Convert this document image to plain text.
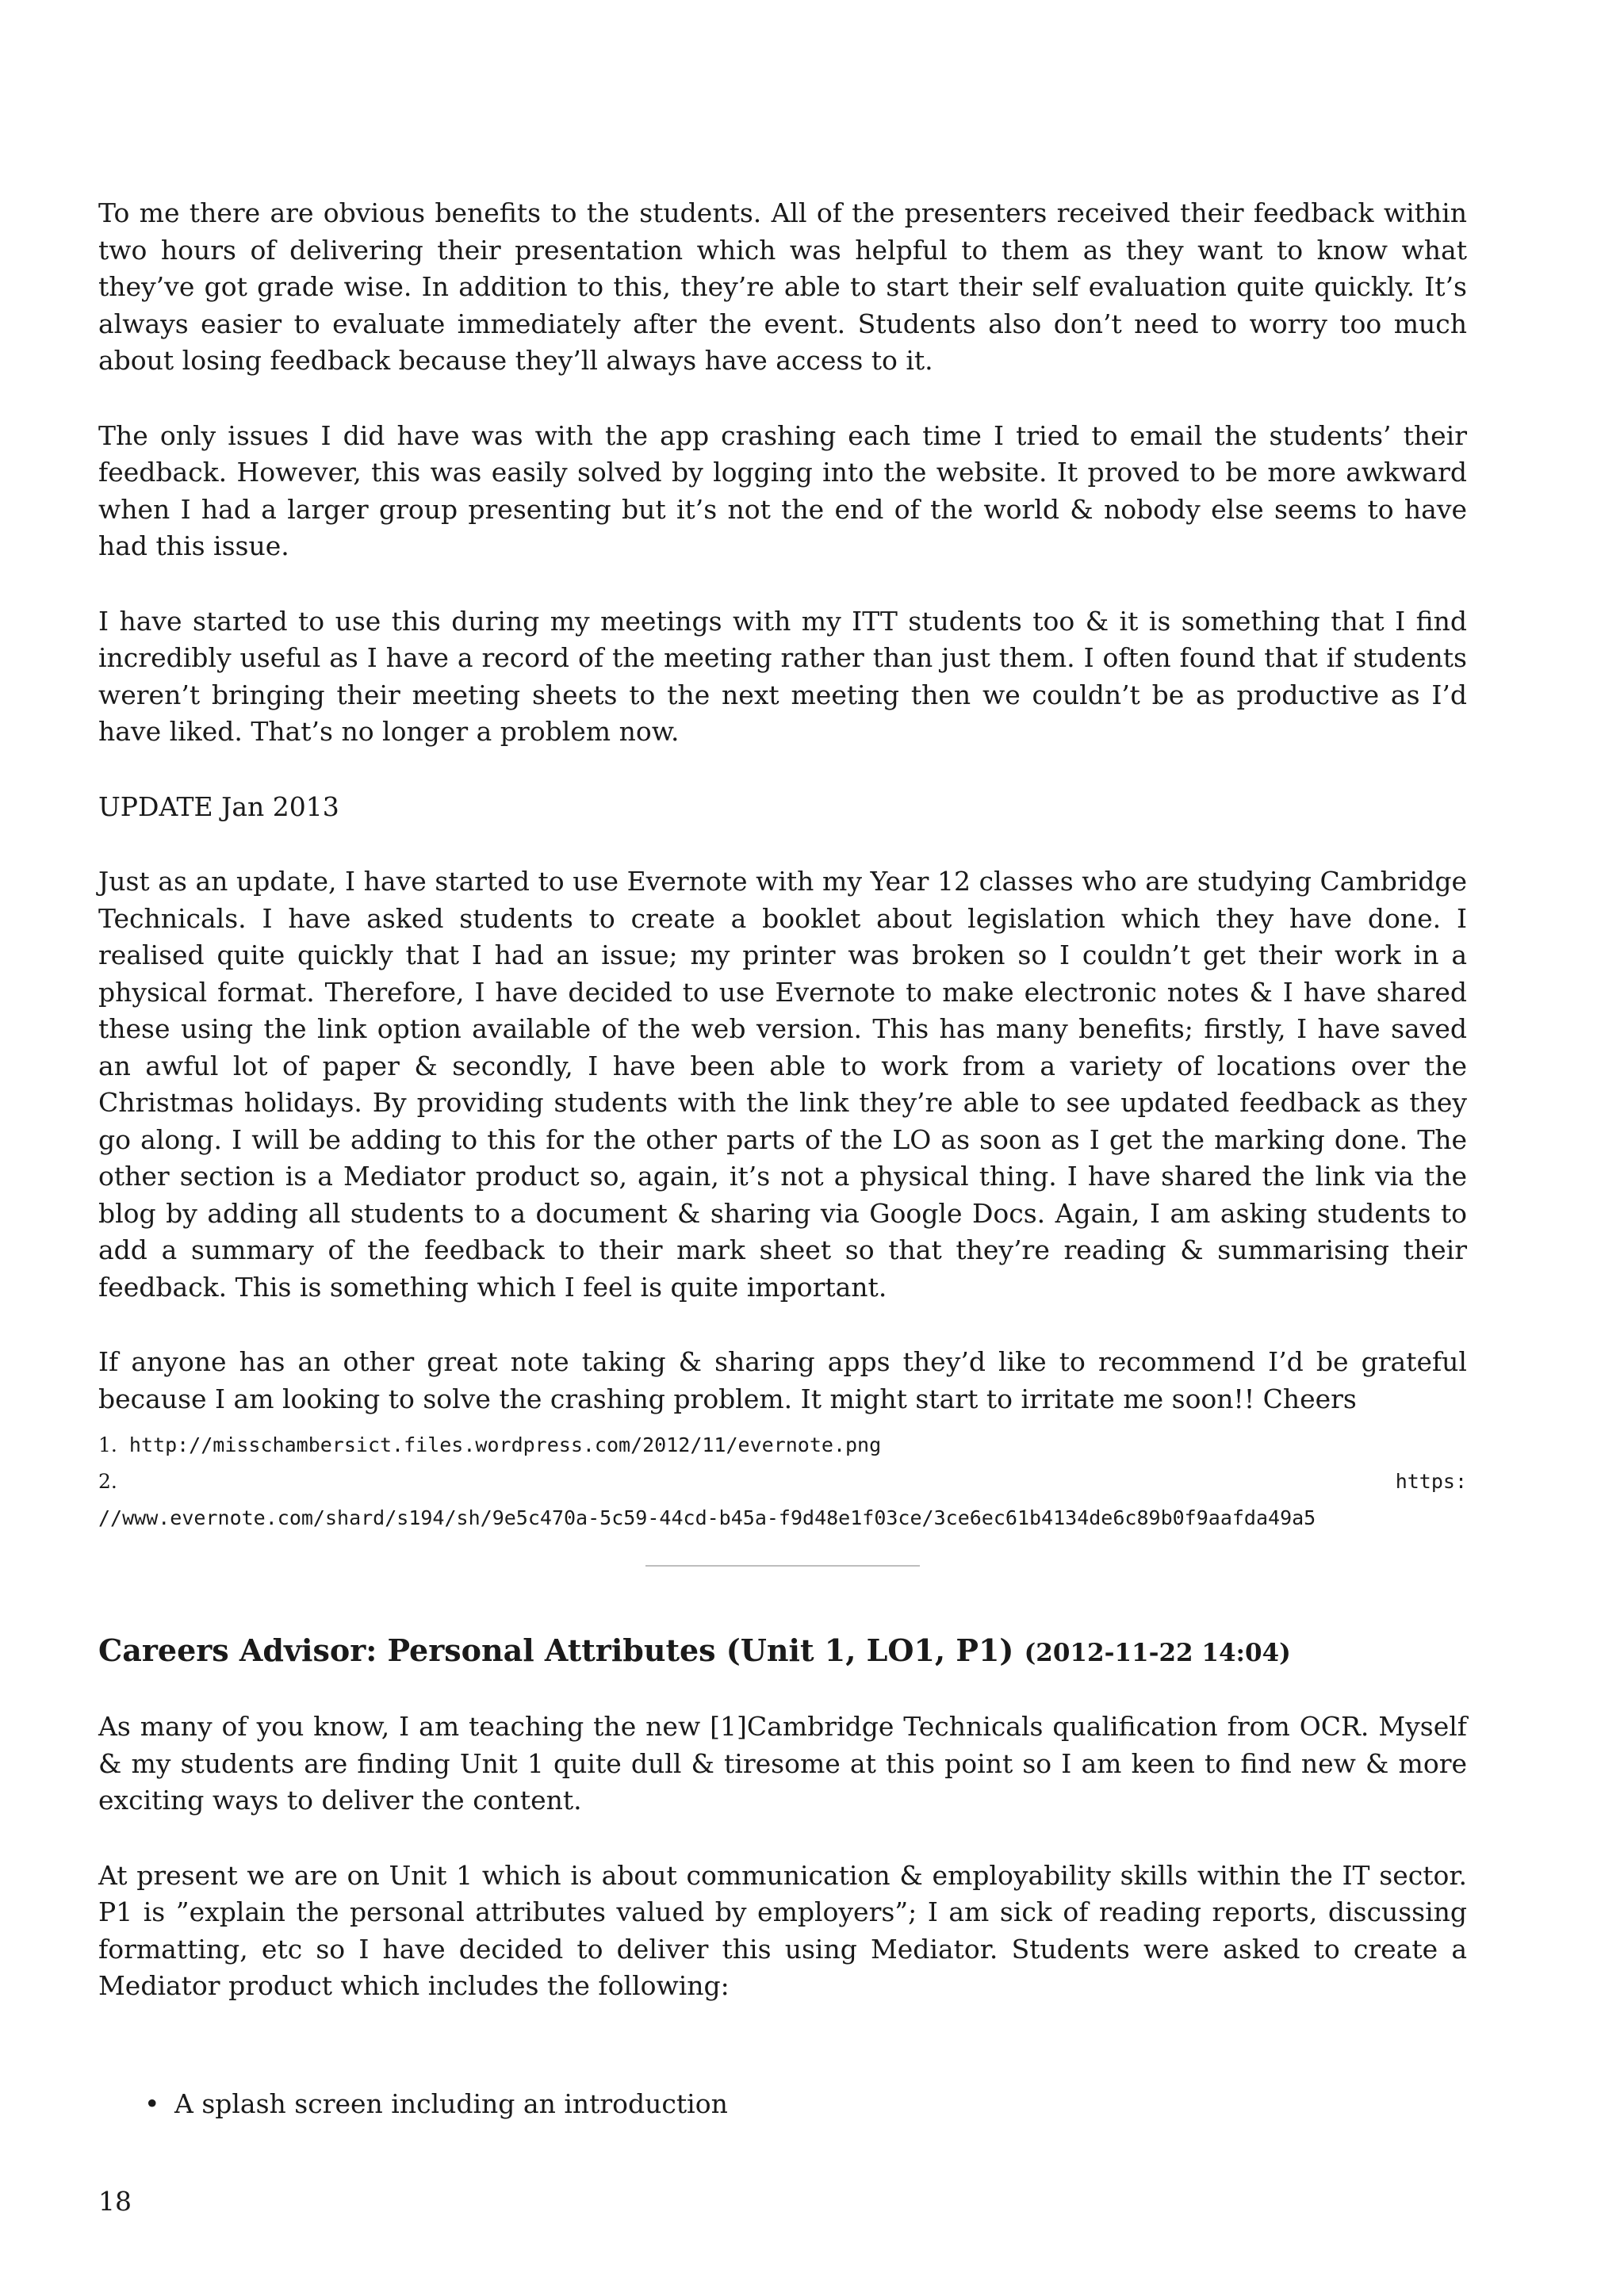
To me there are obvious benefits to the students. All of the presenters received their feedback within two hours of delivering their presentation which was helpful to them as they want to know what they’ve got grade wise. In addition to this, they’re able to start their self evaluation quite quickly. It’s always easier to evaluate immediately after the event. Students also don’t need to worry too much about losing feedback because they’ll always have access to it.

The only issues I did have was with the app crashing each time I tried to email the students’ their feedback. However, this was easily solved by logging into the website. It proved to be more awkward when I had a larger group presenting but it’s not the end of the world & nobody else seems to have had this issue.

I have started to use this during my meetings with my ITT students too & it is something that I find incredibly useful as I have a record of the meeting rather than just them. I often found that if students weren’t bringing their meeting sheets to the next meeting then we couldn’t be as productive as I’d have liked. That’s no longer a problem now.

UPDATE Jan 2013

Just as an update, I have started to use Evernote with my Year 12 classes who are studying Cambridge Technicals. I have asked students to create a booklet about legislation which they have done. I realised quite quickly that I had an issue; my printer was broken so I couldn’t get their work in a physical format. Therefore, I have decided to use Evernote to make electronic notes & I have shared these using the link option available of the web version. This has many benefits; firstly, I have saved an awful lot of paper & secondly, I have been able to work from a variety of locations over the Christmas holidays. By providing students with the link they’re able to see updated feedback as they go along. I will be adding to this for the other parts of the LO as soon as I get the marking done. The other section is a Mediator product so, again, it’s not a physical thing. I have shared the link via the blog by adding all students to a document & sharing via Google Docs. Again, I am asking students to add a summary of the feedback to their mark sheet so that they’re reading & summarising their feedback. This is something which I feel is quite important.

If anyone has an other great note taking & sharing apps they’d like to recommend I’d be grateful because I am looking to solve the crashing problem. It might start to irritate me soon!! Cheers

1. http://misschambersict.files.wordpress.com/2012/11/evernote.png
2.	https:
//www.evernote.com/shard/s194/sh/9e5c470a-5c59-44cd-b45a-f9d48e1f03ce/3ce6ec61b4134de6c89b0f9aafda49a5
Careers Advisor: Personal Attributes (Unit 1, LO1, P1) (2012-11-22 14:04)

As many of you know, I am teaching the new [1]Cambridge Technicals qualification from OCR. Myself & my students are finding Unit 1 quite dull & tiresome at this point so I am keen to find new & more exciting ways to deliver the content.

At present we are on Unit 1 which is about communication & employability skills within the IT sector. P1 is ”explain the personal attributes valued by employers”; I am sick of reading reports, discussing formatting, etc so I have decided to deliver this using Mediator. Students were asked to create a Mediator product which includes the following:

• A splash screen including an introduction
18
